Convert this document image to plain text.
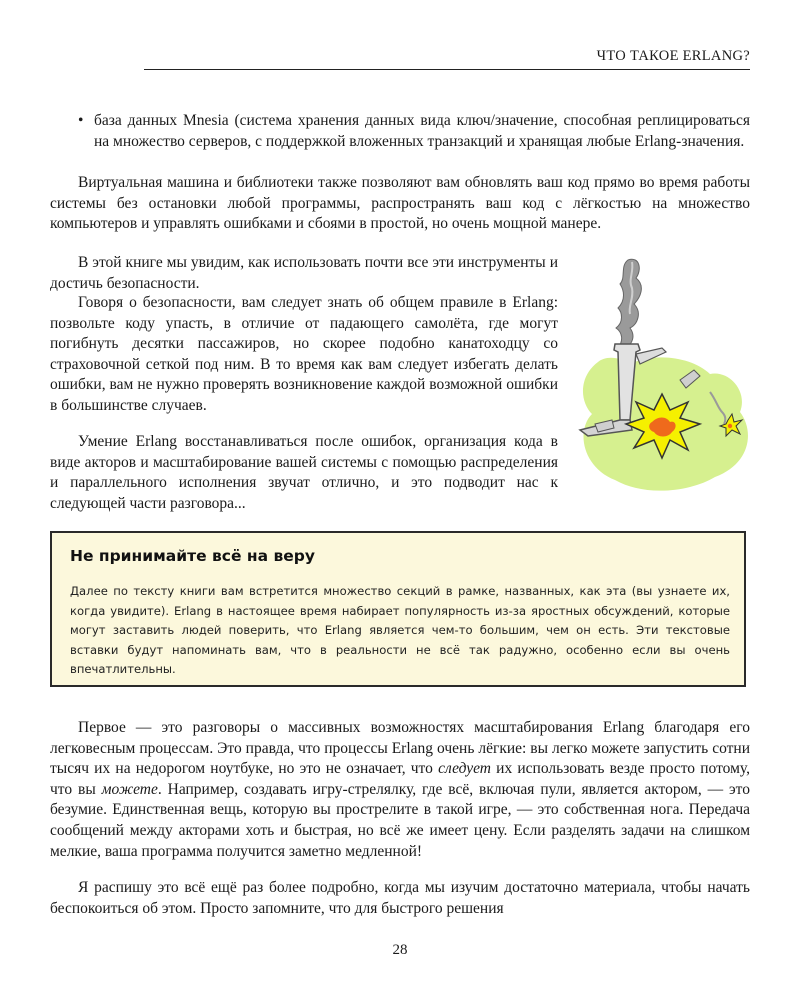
ЧТО ТАКОЕ ERLANG?
• база данных Mnesia (система хранения данных вида ключ/значение, способная реплицироваться на множество серверов, с поддержкой вложенных транзакций и хранящая любые Erlang-значения.

Виртуальная машина и библиотеки также позволяют вам обновлять ваш код прямо во время работы системы без остановки любой программы, распространять ваш код с лёгкостью на множество компьютеров и управлять ошибками и сбоями в простой, но очень мощной манере.

В этой книге мы увидим, как использовать почти все эти инструменты и достичь безопасности.

Говоря о безопасности, вам следует знать об общем правиле в Erlang: позвольте коду упасть, в отличие от падающего самолёта, где могут погибнуть десятки пассажиров, но скорее подобно канатоходцу со страховочной сеткой под ним. В то время как вам следует избегать делать ошибки, вам не нужно проверять возникновение каждой возможной ошибки в большинстве случаев.

Умение Erlang восстанавливаться после ошибок, организация кода в виде акторов и масштабирование вашей системы с помощью распределения и параллельного исполнения звучат отлично, и это подводит нас к следующей части разговора...

Не принимайте всё на веру

Далее по тексту книги вам встретится множество секций в рамке, названных, как эта (вы узнаете их, когда увидите). Erlang в настоящее время набирает популярность из-за яростных обсуждений, которые могут заставить людей поверить, что Erlang является чем-то большим, чем он есть. Эти текстовые вставки будут напоминать вам, что в реальности не всё так радужно, особенно если вы очень впечатлительны.

Первое — это разговоры о массивных возможностях масштабирования Erlang благодаря его легковесным процессам. Это правда, что процессы Erlang очень лёгкие: вы легко можете запустить сотни тысяч их на недорогом ноутбуке, но это не означает, что следует их использовать везде просто потому, что вы можете. Например, создавать игру-стрелялку, где всё, включая пули, является актором, — это безумие. Единственная вещь, которую вы прострелите в такой игре, — это собственная нога. Передача сообщений между акторами хоть и быстрая, но всё же имеет цену. Если разделять задачи на слишком мелкие, ваша программа получится заметно медленной!

Я распишу это всё ещё раз более подробно, когда мы изучим достаточно материала, чтобы начать беспокоиться об этом. Просто запомните, что для быстрого решения

28
